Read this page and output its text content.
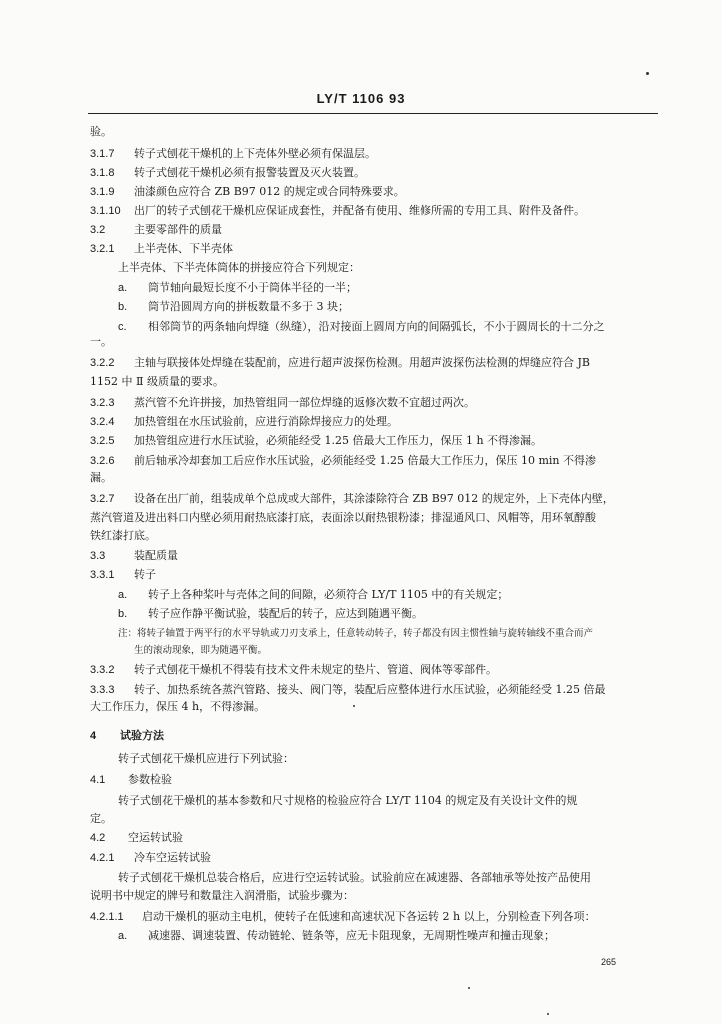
LY/T 1106 93
验。
3.1.7 转子式刨花干燥机的上下壳体外壁必须有保温层。
3.1.8 转子式刨花干燥机必须有报警装置及灭火装置。
3.1.9 油漆颜色应符合 ZB B97 012 的规定或合同特殊要求。
3.1.10 出厂的转子式刨花干燥机应保证成套性，并配备有使用、维修所需的专用工具、附件及备件。
3.2	主要零部件的质量
3.2.1 上半壳体、下半壳体
上半壳体、下半壳体筒体的拼接应符合下列规定：
a. 筒节轴向最短长度不小于筒体半径的一半；
b. 筒节沿圆周方向的拼板数量不多于 3 块；
c. 相邻筒节的两条轴向焊缝（纵缝），沿对接面上圆周方向的间隔弧长，不小于圆周长的十二分之
一。
3.2.2 主轴与联接体处焊缝在装配前，应进行超声波探伤检测。用超声波探伤法检测的焊缝应符合 JB
1152 中 Ⅱ 级质量的要求。
3.2.3 蒸汽管不允许拼接，加热管组同一部位焊缝的返修次数不宜超过两次。
3.2.4 加热管组在水压试验前，应进行消除焊接应力的处理。
3.2.5 加热管组应进行水压试验，必须能经受 1.25 倍最大工作压力，保压 1 h 不得渗漏。
3.2.6 前后轴承冷却套加工后应作水压试验，必须能经受 1.25 倍最大工作压力，保压 10 min 不得渗
漏。
3.2.7 设备在出厂前，组装成单个总成或大部件，其涂漆除符合 ZB B97 012 的规定外，上下壳体内壁，
蒸汽管道及进出料口内壁必须用耐热底漆打底，表面涂以耐热银粉漆；排湿通风口、风帽等，用环氧醇酸
铁红漆打底。
3.3	装配质量
3.3.1 转子
a. 转子上各种桨叶与壳体之间的间隙，必须符合 LY/T 1105 中的有关规定；
b. 转子应作静平衡试验，装配后的转子，应达到随遇平衡。
注：将转子轴置于两平行的水平导轨或刀刃支承上，任意转动转子，转子都没有因主惯性轴与旋转轴线不重合而产
生的滚动现象，即为随遇平衡。
3.3.2 转子式刨花干燥机不得装有技术文件未规定的垫片、管道、阀体等零部件。
3.3.3 转子、加热系统各蒸汽管路、接头、阀门等，装配后应整体进行水压试验，必须能经受 1.25 倍最
大工作压力，保压 4 h，不得渗漏。
4 试验方法
转子式刨花干燥机应进行下列试验：
4.1 参数检验
转子式刨花干燥机的基本参数和尺寸规格的检验应符合 LY/T 1104 的规定及有关设计文件的规
定。
4.2 空运转试验
4.2.1 冷车空运转试验
转子式刨花干燥机总装合格后，应进行空运转试验。试验前应在减速器、各部轴承等处按产品使用
说明书中规定的牌号和数量注入润滑脂，试验步骤为：
4.2.1.1 启动干燥机的驱动主电机，使转子在低速和高速状况下各运转 2 h 以上，分别检查下列各项：
a. 减速器、调速装置、传动链轮、链条等，应无卡阻现象，无周期性噪声和撞击现象；
265
